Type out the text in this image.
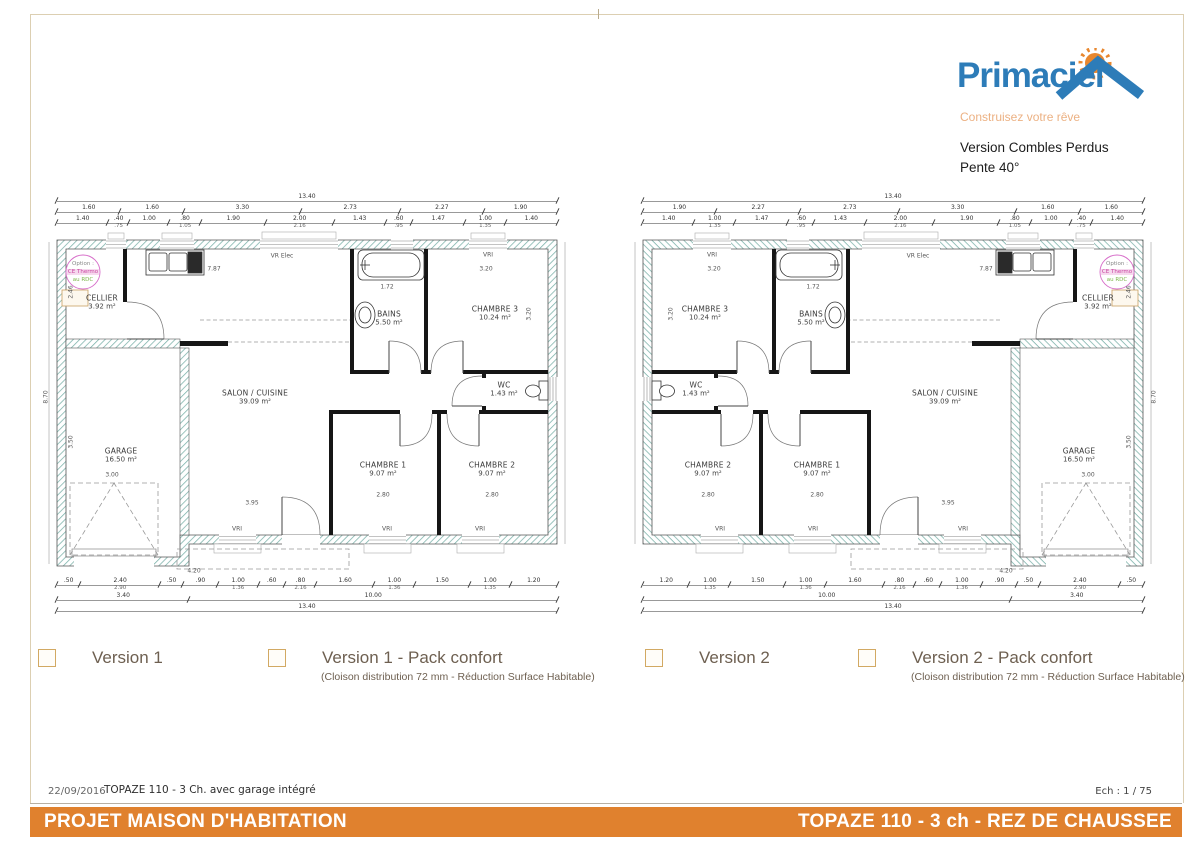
Primaciel
Construisez votre rêve
Version Combles Perdus
Pente 40°
CELLIER
3.92 m²
BAINS
5.50 m²
CHAMBRE 3
10.24 m²
WC
1.43 m²
SALON / CUISINE
39.09 m²
GARAGE
16.50 m²
CHAMBRE 1
9.07 m²
CHAMBRE 2
9.07 m²
VR Elec	VRI
VRI	VRI	VRI
7.87
1.72
3.20
3.20
2.80	2.80
3.95
3.00
4.20
8.70
2.46
3.50
Option :
CE Thermo
au RDC
13.40
1.60	1.60	3.30	2.73	2.27	1.90
1.40	.40
.75
1.00	.80
1.05
1.90	2.00
2.16
1.43	.60
.95
1.47	1.00
1.35
1.40
.50	2.40
2.90
.50	.90	1.00
1.36
.60	.80
2.16
1.60	1.00
1.36
1.50	1.00
1.35
1.20
3.40	10.00
13.40
CELLIER
3.92 m²
BAINS
5.50 m²
CHAMBRE 3
10.24 m²
WC
1.43 m²	SALON / CUISINE
39.09 m²
GARAGE
16.50 m²
CHAMBRE 1
9.07 m²
CHAMBRE 2
9.07 m²
VR Elec
VRI
VRI
VRI
VRI
7.87
1.72
3.20
3.20
2.80
2.80
3.95
3.00
4.20
8.70
2.46
3.50
Option :
CE Thermo
au RDC
13.40
1.90	2.27	2.73	3.30	1.60	1.60
1.40	1.00
1.35
1.47	.60
.95
1.43	2.00
2.16
1.90	.80
1.05
1.00	.40
.75
1.40
1.20	1.00
1.35
1.50	1.00
1.36
1.60	.80
2.16
.60	1.00
1.36
.90	.50	2.40
2.90
.50
10.00	3.40
13.40
Version 1	Version 1 - Pack confort
(Cloison distribution 72 mm - Réduction Surface Habitable)
Version 2	Version 2 - Pack confort
(Cloison distribution 72 mm - Réduction Surface Habitable)
22/09/2016
TOPAZE 110 - 3 Ch. avec garage intégré	Ech : 1 / 75
PROJET MAISON D'HABITATION	TOPAZE 110 - 3 ch - REZ DE CHAUSSEE
